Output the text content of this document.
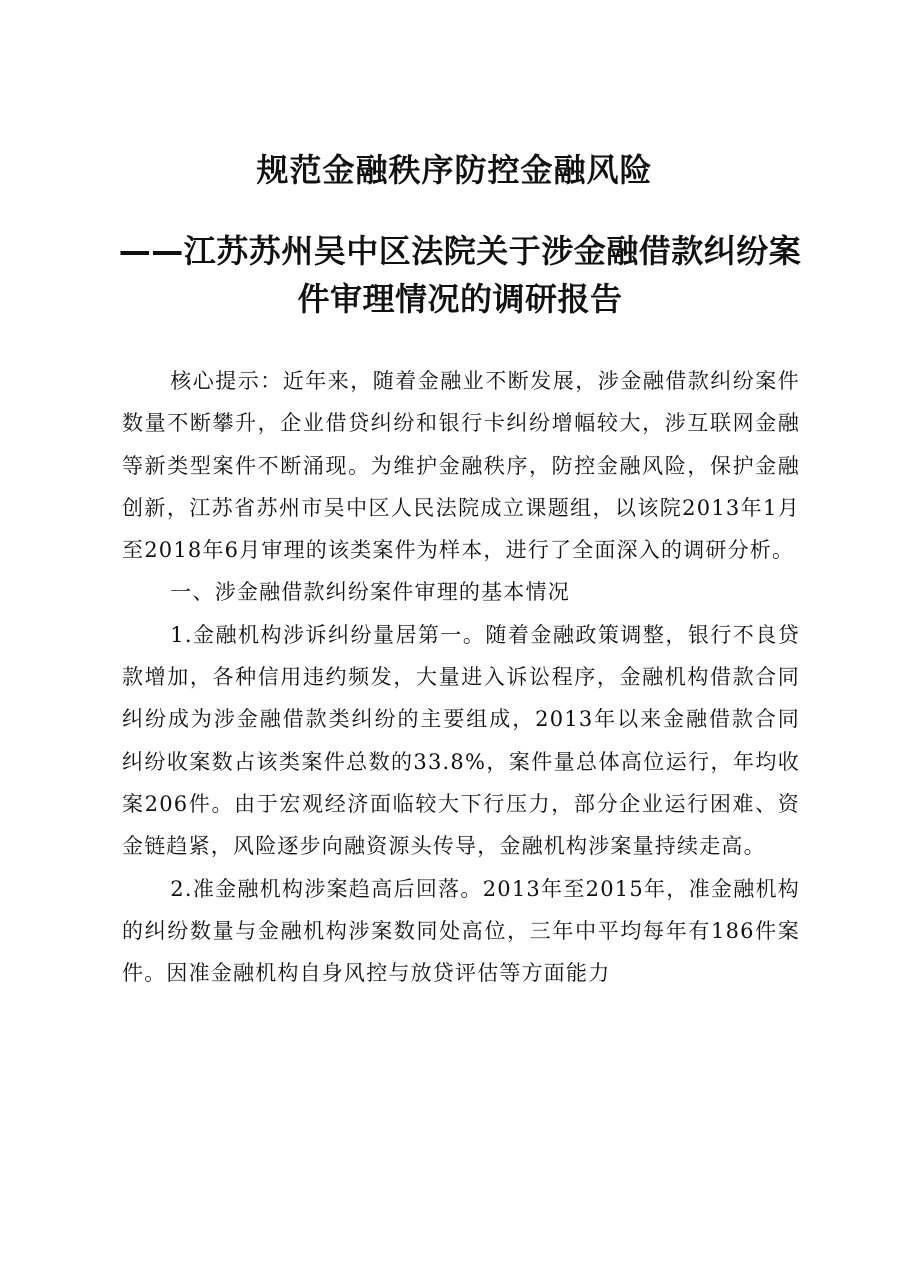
规范金融秩序防控金融风险
——江苏苏州吴中区法院关于涉金融借款纠纷案件审理情况的调研报告

核心提示：近年来，随着金融业不断发展，涉金融借款纠纷案件数量不断攀升，企业借贷纠纷和银行卡纠纷增幅较大，涉互联网金融等新类型案件不断涌现。为维护金融秩序，防控金融风险，保护金融创新，江苏省苏州市吴中区人民法院成立课题组，以该院2013年1月至2018年6月审理的该类案件为样本，进行了全面深入的调研分析。

一、涉金融借款纠纷案件审理的基本情况

1.金融机构涉诉纠纷量居第一。随着金融政策调整，银行不良贷款增加，各种信用违约频发，大量进入诉讼程序，金融机构借款合同纠纷成为涉金融借款类纠纷的主要组成，2013年以来金融借款合同纠纷收案数占该类案件总数的33.8%，案件量总体高位运行，年均收案206件。由于宏观经济面临较大下行压力，部分企业运行困难、资金链趋紧，风险逐步向融资源头传导，金融机构涉案量持续走高。

2.准金融机构涉案趋高后回落。2013年至2015年，准金融机构的纠纷数量与金融机构涉案数同处高位，三年中平均每年有186件案件。因准金融机构自身风控与放贷评估等方面能力
